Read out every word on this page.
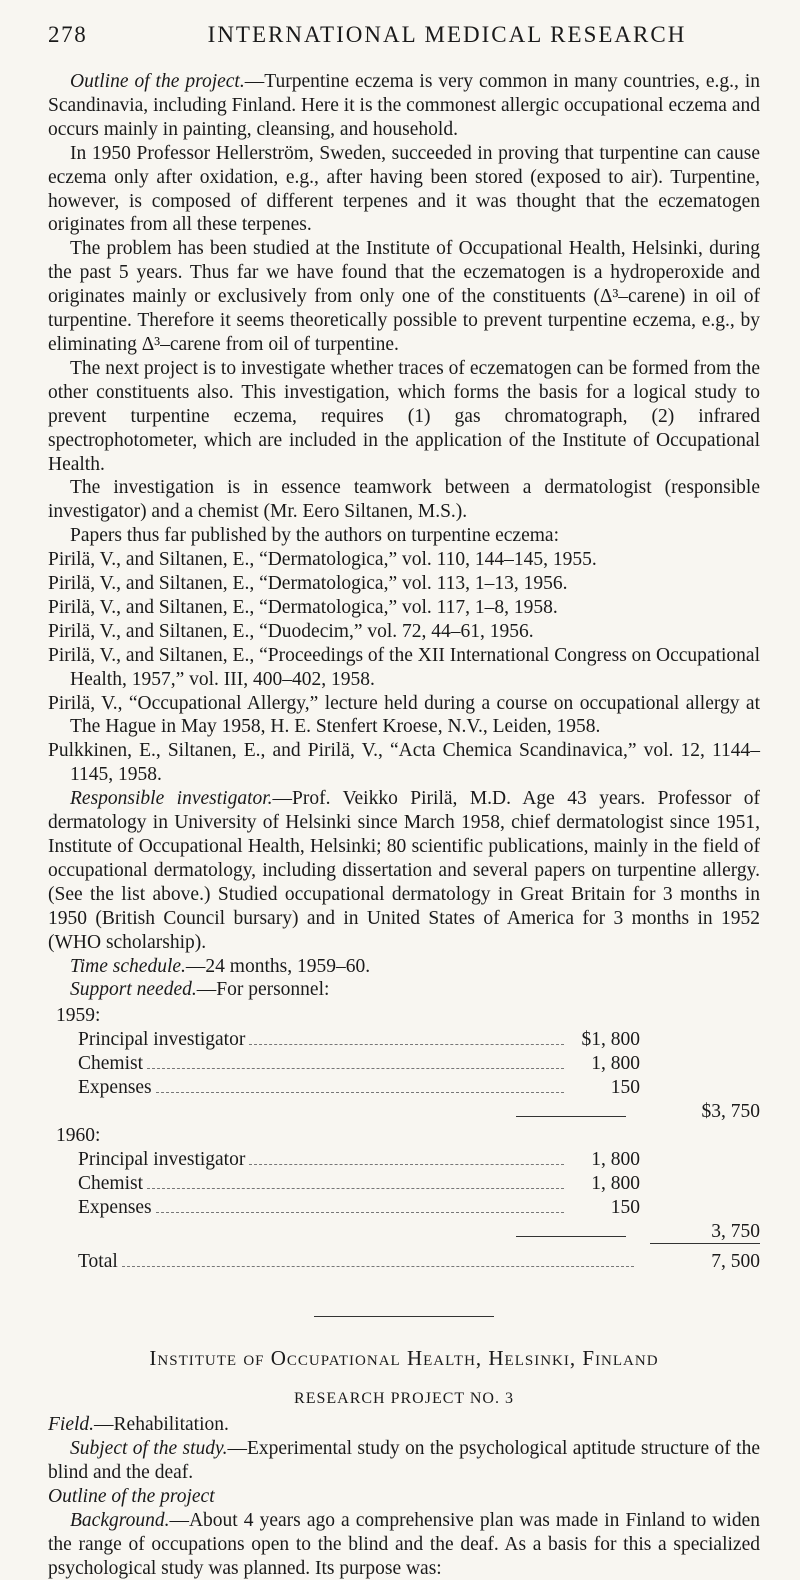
278	INTERNATIONAL MEDICAL RESEARCH

Outline of the project.—Turpentine eczema is very common in many countries, e.g., in Scandinavia, including Finland. Here it is the commonest allergic occupational eczema and occurs mainly in painting, cleansing, and household.

In 1950 Professor Hellerström, Sweden, succeeded in proving that turpentine can cause eczema only after oxidation, e.g., after having been stored (exposed to air). Turpentine, however, is composed of different terpenes and it was thought that the eczematogen originates from all these terpenes.

The problem has been studied at the Institute of Occupational Health, Helsinki, during the past 5 years. Thus far we have found that the eczematogen is a hydroperoxide and originates mainly or exclusively from only one of the constituents (Δ³–carene) in oil of turpentine. Therefore it seems theoretically possible to prevent turpentine eczema, e.g., by eliminating Δ³–carene from oil of turpentine.

The next project is to investigate whether traces of eczematogen can be formed from the other constituents also. This investigation, which forms the basis for a logical study to prevent turpentine eczema, requires (1) gas chromatograph, (2) infrared spectrophotometer, which are included in the application of the Institute of Occupational Health.

The investigation is in essence teamwork between a dermatologist (responsible investigator) and a chemist (Mr. Eero Siltanen, M.S.).

Papers thus far published by the authors on turpentine eczema:

Pirilä, V., and Siltanen, E., “Dermatologica,” vol. 110, 144–145, 1955.
Pirilä, V., and Siltanen, E., “Dermatologica,” vol. 113, 1–13, 1956.
Pirilä, V., and Siltanen, E., “Dermatologica,” vol. 117, 1–8, 1958.
Pirilä, V., and Siltanen, E., “Duodecim,” vol. 72, 44–61, 1956.
Pirilä, V., and Siltanen, E., “Proceedings of the XII International Congress on Occupational Health, 1957,” vol. III, 400–402, 1958.
Pirilä, V., “Occupational Allergy,” lecture held during a course on occupational allergy at The Hague in May 1958, H. E. Stenfert Kroese, N.V., Leiden, 1958.
Pulkkinen, E., Siltanen, E., and Pirilä, V., “Acta Chemica Scandinavica,” vol. 12, 1144–1145, 1958.

Responsible investigator.—Prof. Veikko Pirilä, M.D. Age 43 years. Professor of dermatology in University of Helsinki since March 1958, chief dermatologist since 1951, Institute of Occupational Health, Helsinki; 80 scientific publications, mainly in the field of occupational dermatology, including dissertation and several papers on turpentine allergy. (See the list above.) Studied occupational dermatology in Great Britain for 3 months in 1950 (British Council bursary) and in United States of America for 3 months in 1952 (WHO scholarship).

Time schedule.—24 months, 1959–60.

Support needed.—For personnel:

1959:
Principal investigator	$1, 800
Chemist	1, 800
Expenses	150
$3, 750
1960:
Principal investigator	1, 800
Chemist	1, 800
Expenses	150
3, 750
Total	7, 500
Institute of Occupational Health, Helsinki, Finland
RESEARCH PROJECT NO. 3

Field.—Rehabilitation.

Subject of the study.—Experimental study on the psychological aptitude structure of the blind and the deaf.

Outline of the project

Background.—About 4 years ago a comprehensive plan was made in Finland to widen the range of occupations open to the blind and the deaf. As a basis for this a specialized psychological study was planned. Its purpose was:
